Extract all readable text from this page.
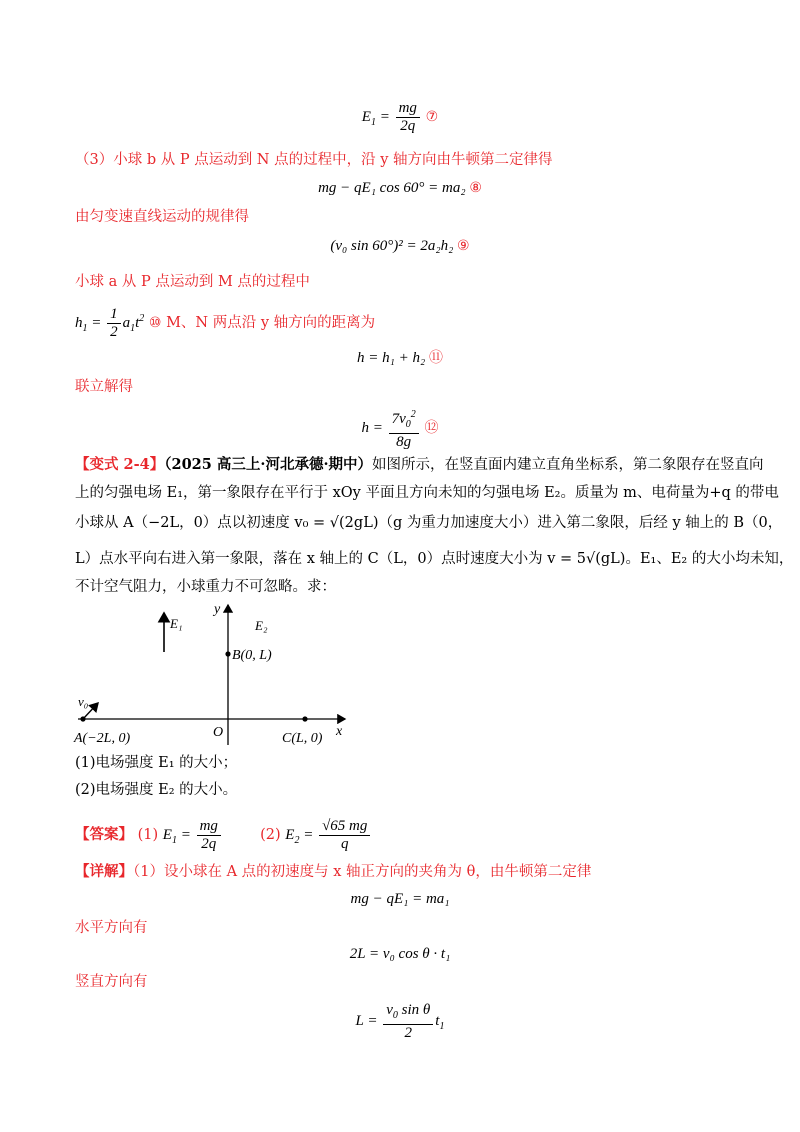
$E_1 = \frac{mg}{2q}$ ⑦
（3）小球 b 从 P 点运动到 N 点的过程中，沿 y 轴方向由牛顿第二定律得
mg − qE₁ cos 60° = ma₂ ⑧
由匀变速直线运动的规律得
(v₀ sin 60°)² = 2a₂h₂ ⑨
小球 a 从 P 点运动到 M 点的过程中
$h_1 = \frac{1}{2} a_1t^2$ ⑩ M、N 两点沿 y 轴方向的距离为
h = h₁ + h₂ ⑪
联立解得
$h = \frac{7v_0^2}{8g}$ ⑫
【变式 2-4】（2025 高三上·河北承德·期中）如图所示，在竖直面内建立直角坐标系，第二象限存在竖直向
上的匀强电场 E₁，第一象限存在平行于 xOy 平面且方向未知的匀强电场 E₂。质量为 m、电荷量为+q 的带电
小球从 A（−2L，0）点以初速度 v₀ = √(2gL)（g 为重力加速度大小）进入第二象限，后经 y 轴上的 B（0，
L）点水平向右进入第一象限，落在 x 轴上的 C（L，0）点时速度大小为 v = 5√(gL)。E₁、E₂ 的大小均未知，
不计空气阻力，小球重力不可忽略。求：
y
x
O
E₁	E₂
B(0, L)
A(−2L, 0)	C(L, 0)
v₀
(1)电场强度 E₁ 的大小；
(2)电场强度 E₂ 的大小。
【答案】 (1) $E_1 = \frac{mg}{2q}$	(2) $E_2 = \frac{√65 mg}{q}$
【详解】（1）设小球在 A 点的初速度与 x 轴正方向的夹角为 θ，由牛顿第二定律
mg − qE₁ = ma₁
水平方向有
2L = v₀ cos θ · t₁
竖直方向有
$L = \frac{v_0 \sin \theta}{2} t_1$
